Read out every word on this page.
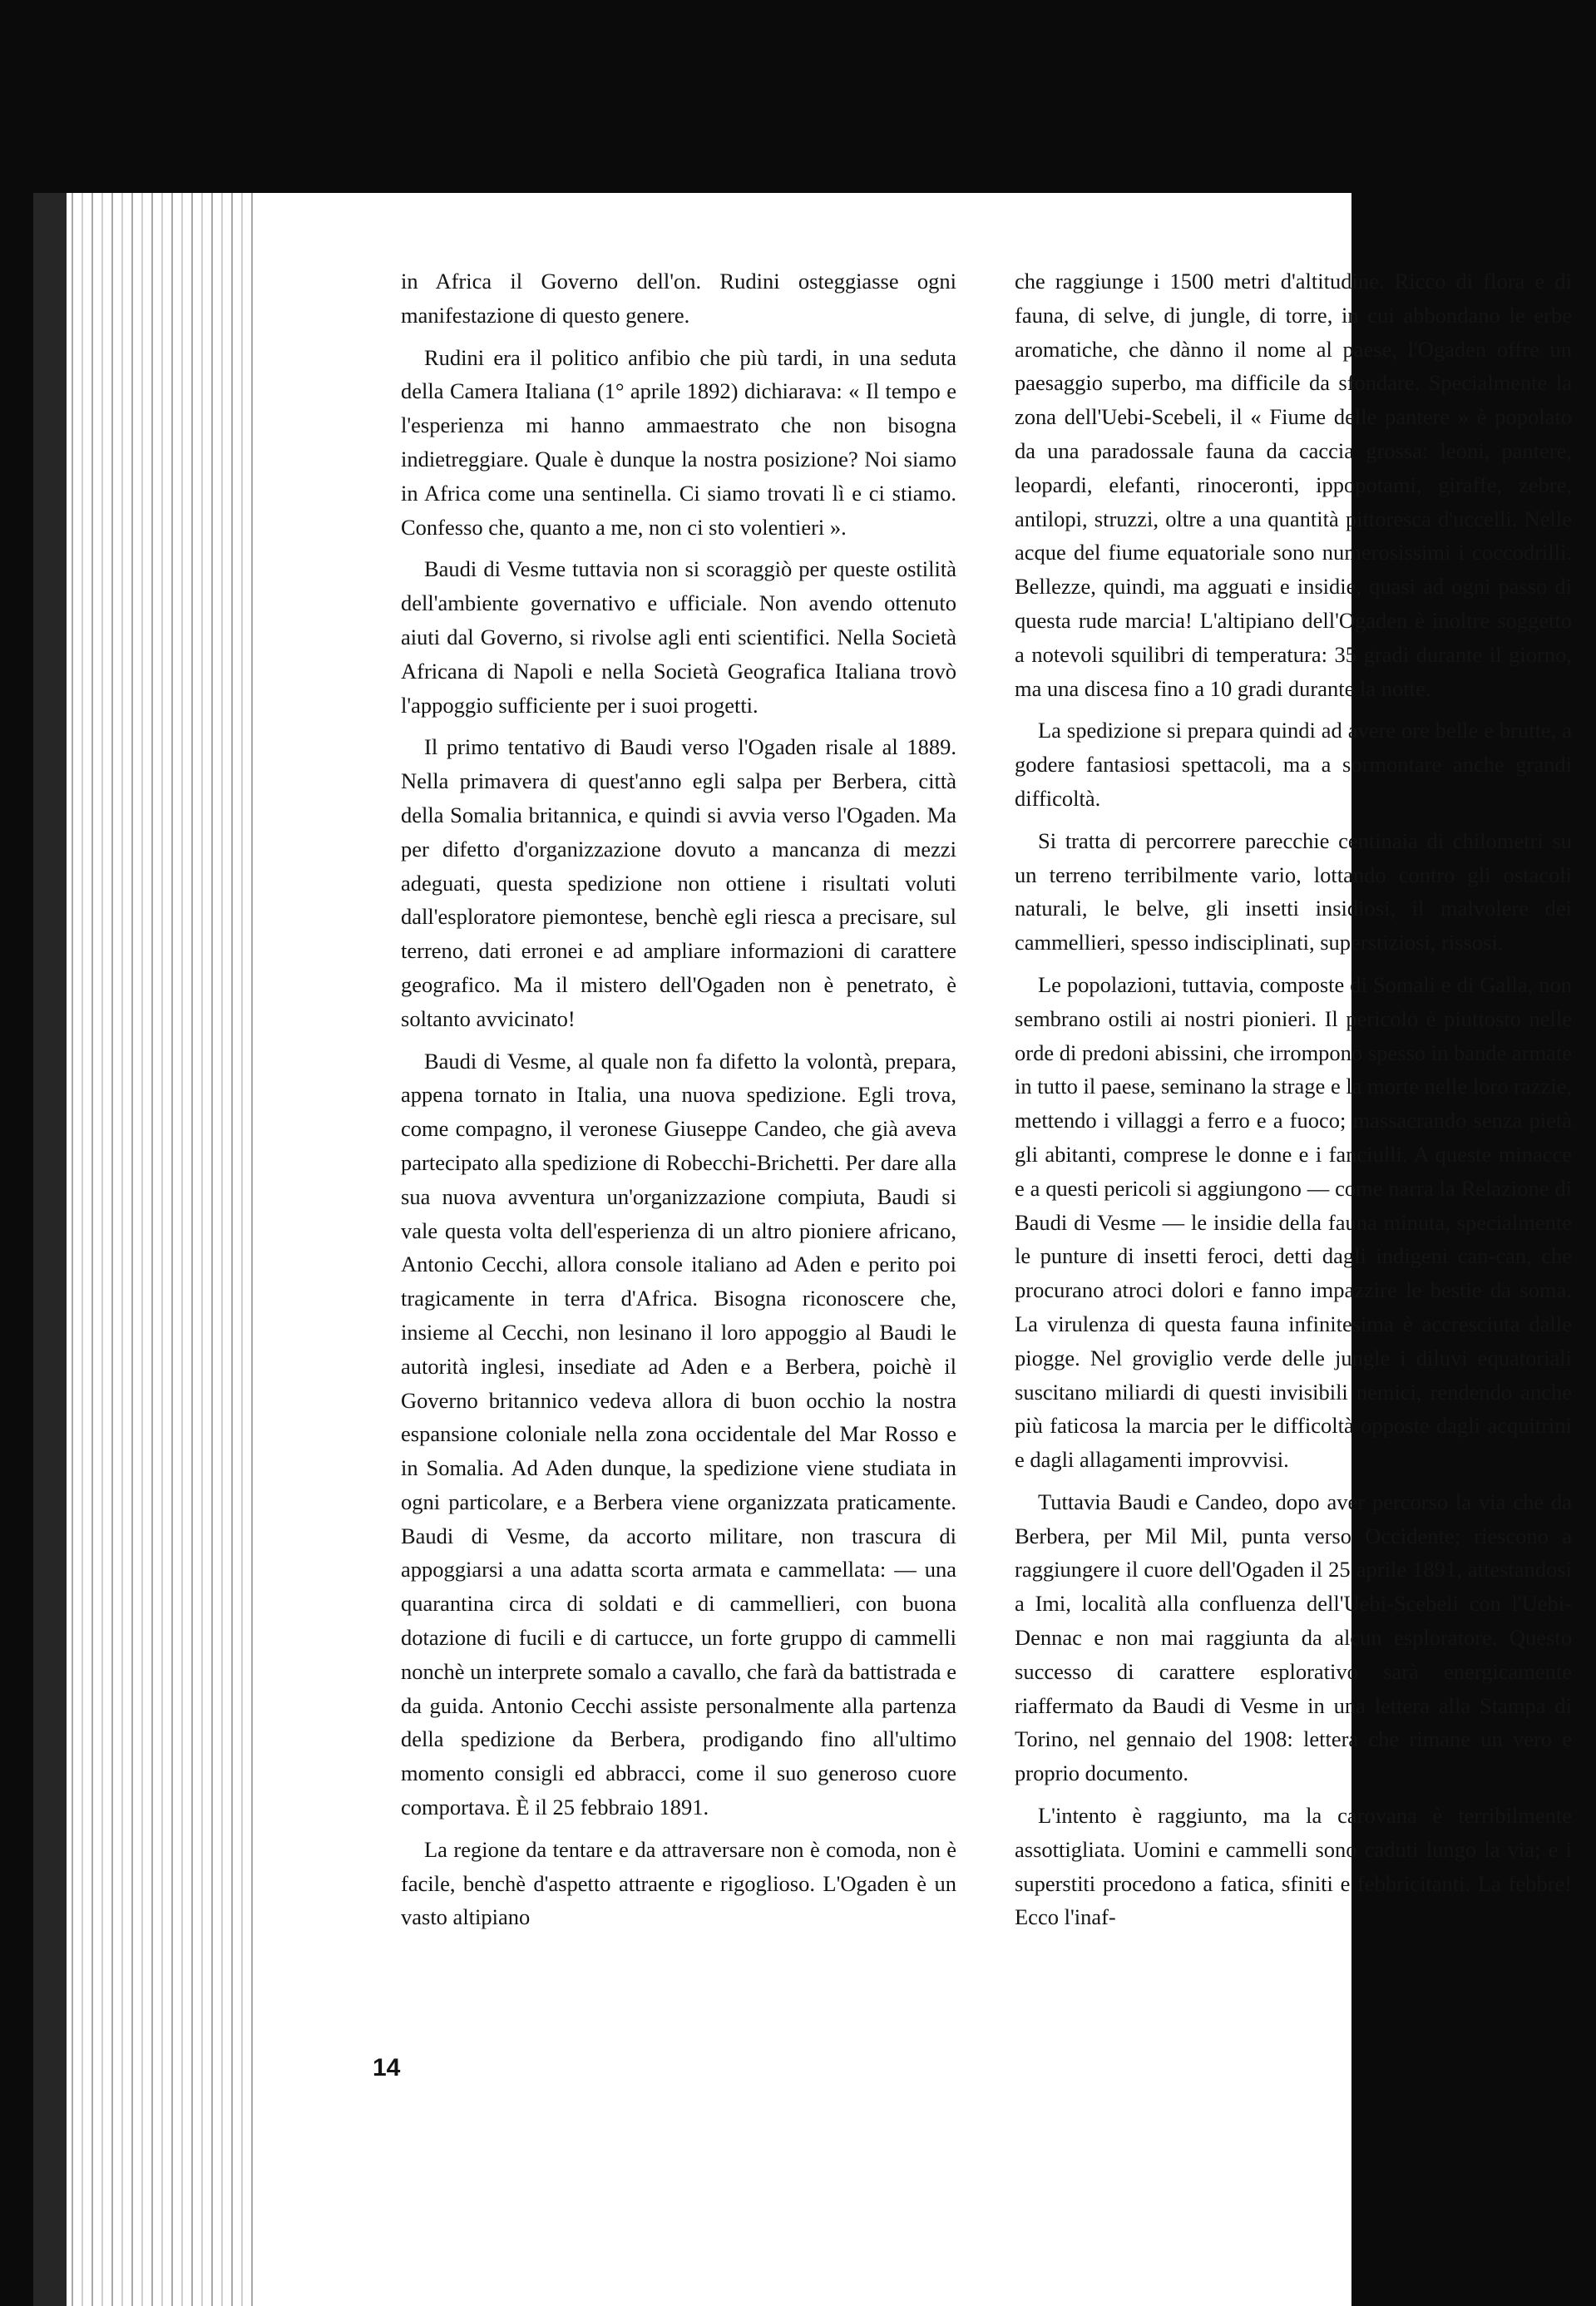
in Africa il Governo dell'on. Rudini osteggiasse ogni manifestazione di questo genere.

Rudini era il politico anfibio che più tardi, in una seduta della Camera Italiana (1° aprile 1892) dichiarava: « Il tempo e l'esperienza mi hanno ammaestrato che non bisogna indietreggiare. Quale è dunque la nostra posizione? Noi siamo in Africa come una sentinella. Ci siamo trovati lì e ci stiamo. Confesso che, quanto a me, non ci sto volentieri ».

Baudi di Vesme tuttavia non si scoraggiò per queste ostilità dell'ambiente governativo e ufficiale. Non avendo ottenuto aiuti dal Governo, si rivolse agli enti scientifici. Nella Società Africana di Napoli e nella Società Geografica Italiana trovò l'appoggio sufficiente per i suoi progetti.

Il primo tentativo di Baudi verso l'Ogaden risale al 1889. Nella primavera di quest'anno egli salpa per Berbera, città della Somalia britannica, e quindi si avvia verso l'Ogaden. Ma per difetto d'organizzazione dovuto a mancanza di mezzi adeguati, questa spedizione non ottiene i risultati voluti dall'esploratore piemontese, benchè egli riesca a precisare, sul terreno, dati erronei e ad ampliare informazioni di carattere geografico. Ma il mistero dell'Ogaden non è penetrato, è soltanto avvicinato!

Baudi di Vesme, al quale non fa difetto la volontà, prepara, appena tornato in Italia, una nuova spedizione. Egli trova, come compagno, il veronese Giuseppe Candeo, che già aveva partecipato alla spedizione di Robecchi-Brichetti. Per dare alla sua nuova avventura un'organizzazione compiuta, Baudi si vale questa volta dell'esperienza di un altro pioniere africano, Antonio Cecchi, allora console italiano ad Aden e perito poi tragicamente in terra d'Africa. Bisogna riconoscere che, insieme al Cecchi, non lesinano il loro appoggio al Baudi le autorità inglesi, insediate ad Aden e a Berbera, poichè il Governo britannico vedeva allora di buon occhio la nostra espansione coloniale nella zona occidentale del Mar Rosso e in Somalia. Ad Aden dunque, la spedizione viene studiata in ogni particolare, e a Berbera viene organizzata praticamente. Baudi di Vesme, da accorto militare, non trascura di appoggiarsi a una adatta scorta armata e cammellata: — una quarantina circa di soldati e di cammellieri, con buona dotazione di fucili e di cartucce, un forte gruppo di cammelli nonchè un interprete somalo a cavallo, che farà da battistrada e da guida. Antonio Cecchi assiste personalmente alla partenza della spedizione da Berbera, prodigando fino all'ultimo momento consigli ed abbracci, come il suo generoso cuore comportava. È il 25 febbraio 1891.

La regione da tentare e da attraversare non è comoda, non è facile, benchè d'aspetto attraente e rigoglioso. L'Ogaden è un vasto altipiano

che raggiunge i 1500 metri d'altitudine. Ricco di flora e di fauna, di selve, di jungle, di torre, in cui abbondano le erbe aromatiche, che dànno il nome al paese, l'Ogaden offre un paesaggio superbo, ma difficile da sfondare. Specialmente la zona dell'Uebi-Scebeli, il « Fiume delle pantere » è popolato da una paradossale fauna da caccia grossa: leoni, pantere, leopardi, elefanti, rinoceronti, ippopotami, giraffe, zebre, antilopi, struzzi, oltre a una quantità pittoresca d'uccelli. Nelle acque del fiume equatoriale sono numerosissimi i coccodrilli. Bellezze, quindi, ma agguati e insidie, quasi ad ogni passo di questa rude marcia! L'altipiano dell'Ogaden è inoltre soggetto a notevoli squilibri di temperatura: 35 gradi durante il giorno, ma una discesa fino a 10 gradi durante la notte.

La spedizione si prepara quindi ad avere ore belle e brutte, a godere fantasiosi spettacoli, ma a sormontare anche grandi difficoltà.

Si tratta di percorrere parecchie centinaia di chilometri su un terreno terribilmente vario, lottando contro gli ostacoli naturali, le belve, gli insetti insidiosi, il malvolere dei cammellieri, spesso indisciplinati, superstiziosi, rissosi.

Le popolazioni, tuttavia, composte di Somali e di Galla, non sembrano ostili ai nostri pionieri. Il pericolo è piuttosto nelle orde di predoni abissini, che irrompono spesso in bande armate in tutto il paese, seminano la strage e la morte nelle loro razzie, mettendo i villaggi a ferro e a fuoco; massacrando senza pietà gli abitanti, comprese le donne e i fanciulli. A queste minacce e a questi pericoli si aggiungono — come narra la Relazione di Baudi di Vesme — le insidie della fauna minuta, specialmente le punture di insetti feroci, detti dagli indigeni can-can, che procurano atroci dolori e fanno impazzire le bestie da soma. La virulenza di questa fauna infinitesima è accresciuta dalle piogge. Nel groviglio verde delle jungle i diluvi equatoriali suscitano miliardi di questi invisibili nemici, rendendo anche più faticosa la marcia per le difficoltà opposte dagli acquitrini e dagli allagamenti improvvisi.

Tuttavia Baudi e Candeo, dopo aver percorso la via che da Berbera, per Mil Mil, punta verso Occidente; riescono a raggiungere il cuore dell'Ogaden il 25 aprile 1891, attestandosi a Imi, località alla confluenza dell'Uebi-Scebeli con l'Uebi-Dennac e non mai raggiunta da alcun esploratore. Questo successo di carattere esplorativo sarà energicamente riaffermato da Baudi di Vesme in una lettera alla Stampa di Torino, nel gennaio del 1908: lettera che rimane un vero e proprio documento.

L'intento è raggiunto, ma la carovana è terribilmente assottigliata. Uomini e cammelli sono caduti lungo la via; e i superstiti procedono a fatica, sfiniti e febbricitanti. La febbre! Ecco l'inaf-

14
